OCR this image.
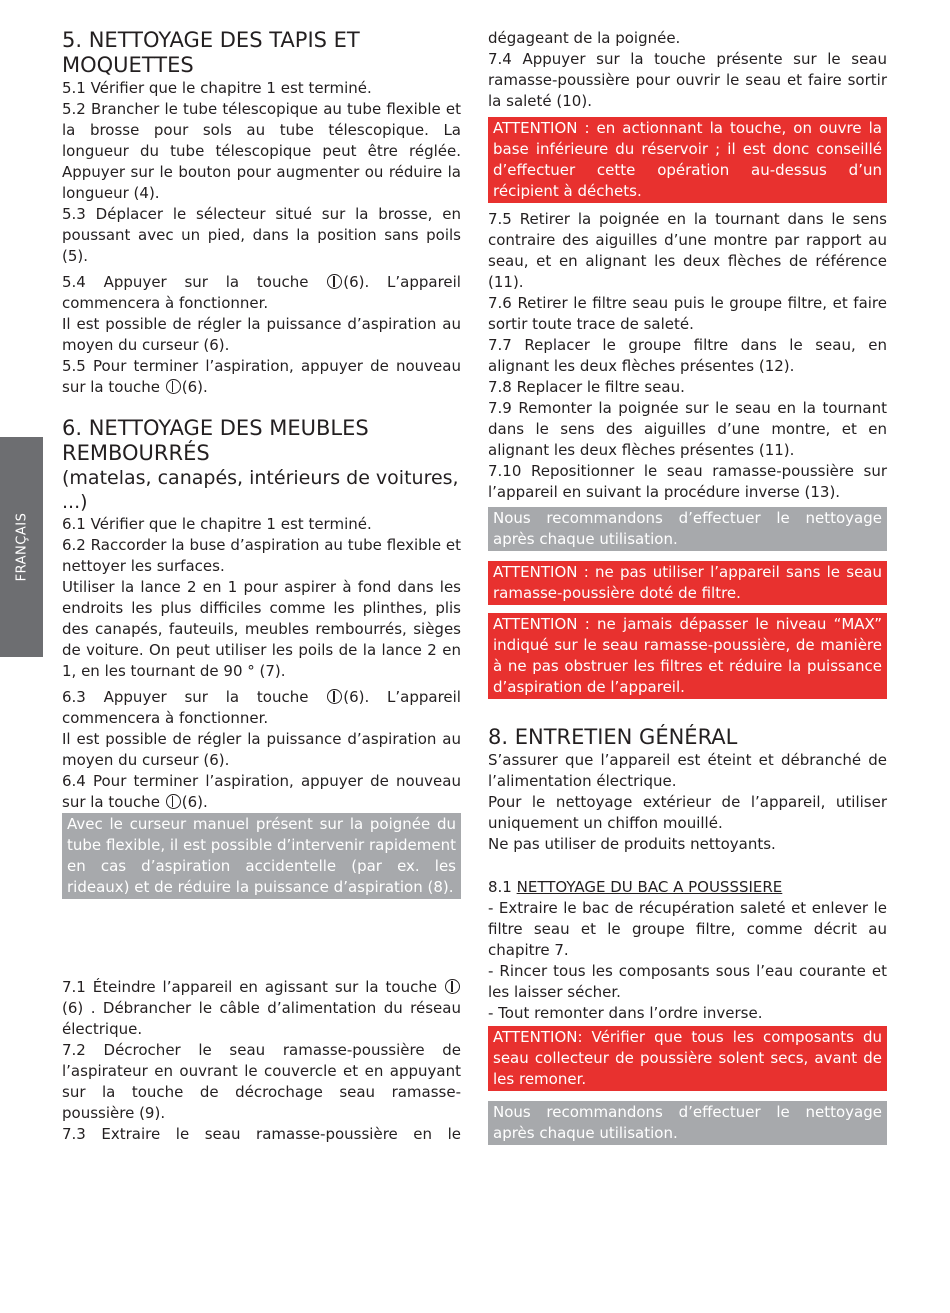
FRANÇAIS
5. NETTOYAGE DES TAPIS ET
MOQUETTES

5.1 Vérifier que le chapitre 1 est terminé.

5.2 Brancher le tube télescopique au tube flexible et la brosse pour sols au tube télescopique. La longueur du tube télescopique peut être réglée. Appuyer sur le bouton pour augmenter ou réduire la longueur (4).

5.3 Déplacer le sélecteur situé sur la brosse, en poussant avec un pied, dans la position sans poils (5).

5.4 Appuyer sur la touche (6). L’appareil commencera à fonctionner.

Il est possible de régler la puissance d’aspiration au moyen du curseur (6).

5.5 Pour terminer l’aspiration, appuyer de nouveau sur la touche (6).

6. NETTOYAGE DES MEUBLES
REMBOURRÉS
(matelas, canapés, intérieurs de voitures, ...)

6.1 Vérifier que le chapitre 1 est terminé.

6.2 Raccorder la buse d’aspiration au tube flexible et nettoyer les surfaces.

Utiliser la lance 2 en 1 pour aspirer à fond dans les endroits les plus difficiles comme les plinthes, plis des canapés, fauteuils, meubles rembourrés, sièges de voiture. On peut utiliser les poils de la lance 2 en 1, en les tournant de 90 ° (7).

6.3 Appuyer sur la touche (6). L’appareil commencera à fonctionner.

Il est possible de régler la puissance d’aspiration au moyen du curseur (6).

6.4 Pour terminer l’aspiration, appuyer de nouveau sur la touche (6).

Avec le curseur manuel présent sur la poignée du tube flexible, il est possible d’intervenir rapidement en cas d’aspiration accidentelle (par ex. les rideaux) et de réduire la puissance d’aspiration (8).

7.1 Éteindre l’appareil en agissant sur la touche (6) . Débrancher le câble d’alimentation du réseau électrique.

7.2 Décrocher le seau ramasse-poussière de l’aspirateur en ouvrant le couvercle et en appuyant sur la touche de décrochage seau ramasse-poussière (9).

7.3 Extraire le seau ramasse-poussière en le

dégageant de la poignée.

7.4 Appuyer sur la touche présente sur le seau ramasse-poussière pour ouvrir le seau et faire sortir la saleté (10).

ATTENTION : en actionnant la touche, on ouvre la base inférieure du réservoir ; il est donc conseillé d’effectuer cette opération au-dessus d’un récipient à déchets.

7.5 Retirer la poignée en la tournant dans le sens contraire des aiguilles d’une montre par rapport au seau, et en alignant les deux flèches de référence (11).

7.6 Retirer le filtre seau puis le groupe filtre, et faire sortir toute trace de saleté.

7.7 Replacer le groupe filtre dans le seau, en alignant les deux flèches présentes (12).

7.8 Replacer le filtre seau.

7.9 Remonter la poignée sur le seau en la tournant dans le sens des aiguilles d’une montre, et en alignant les deux flèches présentes (11).

7.10 Repositionner le seau ramasse-poussière sur l’appareil en suivant la procédure inverse (13).

Nous recommandons d’effectuer le nettoyage après chaque utilisation.

ATTENTION : ne pas utiliser l’appareil sans le seau ramasse-poussière doté de filtre.

ATTENTION : ne jamais dépasser le niveau “MAX” indiqué sur le seau ramasse-poussière, de manière à ne pas obstruer les filtres et réduire la puissance d’aspiration de l’appareil.

8. ENTRETIEN GÉNÉRAL

S’assurer que l’appareil est éteint et débranché de l’alimentation électrique.

Pour le nettoyage extérieur de l’appareil, utiliser uniquement un chiffon mouillé.

Ne pas utiliser de produits nettoyants.

8.1 NETTOYAGE DU BAC A POUSSSIERE

- Extraire le bac de récupération saleté et enlever le filtre seau et le groupe filtre, comme décrit au chapitre 7.

- Rincer tous les composants sous l’eau courante et les laisser sécher.

- Tout remonter dans l’ordre inverse.

ATTENTION: Vérifier que tous les composants du seau collecteur de poussière solent secs, avant de les remoner.

Nous recommandons d’effectuer le nettoyage après chaque utilisation.
